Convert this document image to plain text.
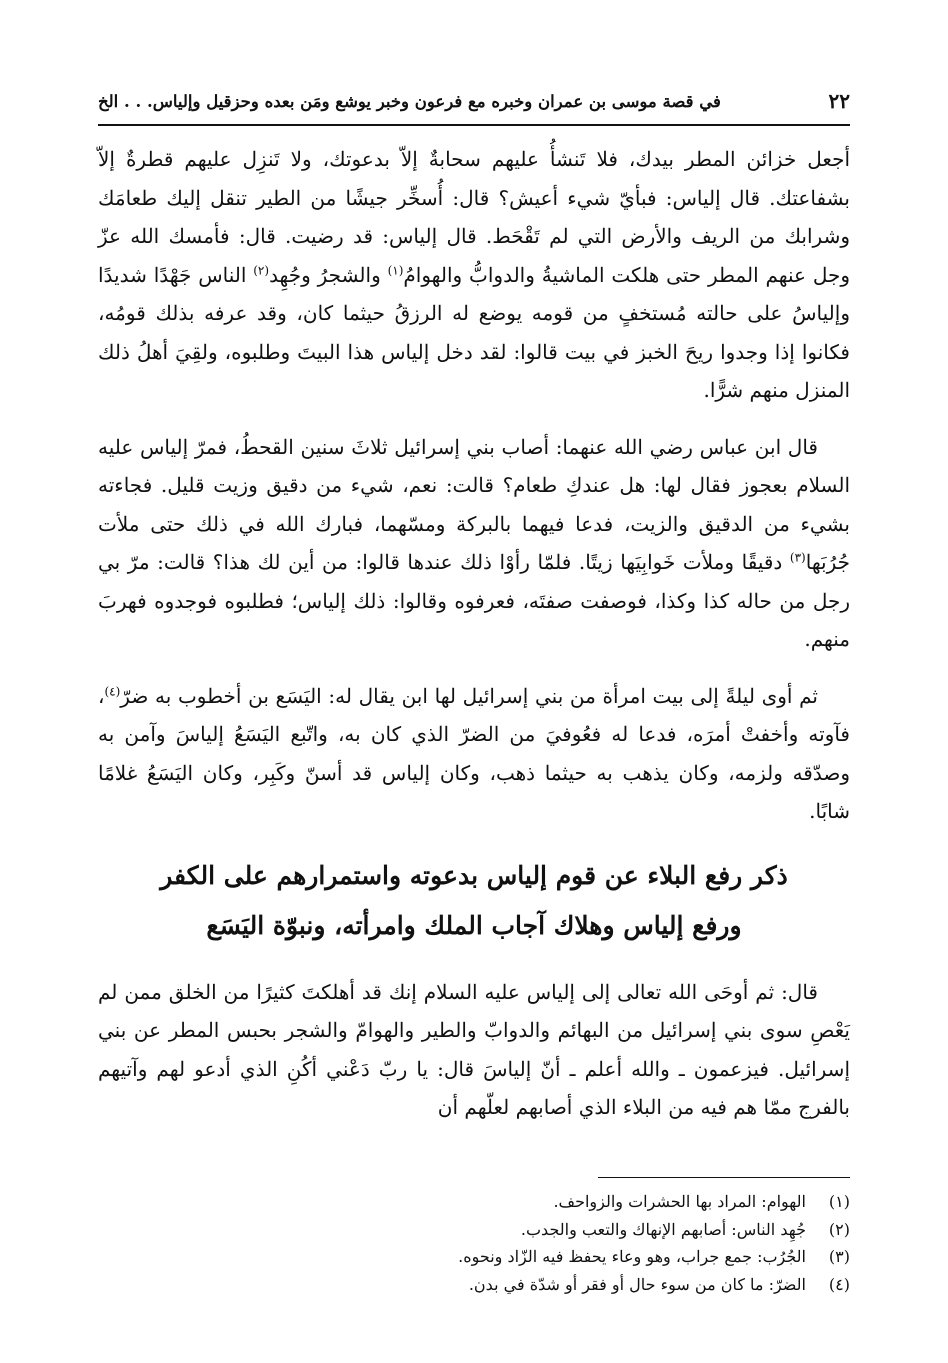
٢٢
في قصة موسى بن عمران وخبره مع فرعون وخبر يوشع ومَن بعده وحزقيل وإلياس. . . الخ

أجعل خزائن المطر بيدك، فلا تَنشأُ عليهم سحابةٌ إلاّ بدعوتك، ولا تَنزِل عليهم قطرةٌ إلاّ بشفاعتك. قال إلياس: فبأيّ شيء أعيش؟ قال: أُسخِّر جيشًا من الطير تنقل إليك طعامَك وشرابك من الريف والأرض التي لم تَقْحَط. قال إلياس: قد رضيت. قال: فأمسك الله عزّ وجل عنهم المطر حتى هلكت الماشيةُ والدوابُّ والهوامُ$^{(١)}$ والشجرُ وجُهِد$^{(٢)}$ الناس جَهْدًا شديدًا وإلياسُ على حالته مُستخفٍ من قومه يوضع له الرزقُ حيثما كان، وقد عرفه بذلك قومُه، فكانوا إذا وجدوا ريحَ الخبز في بيت قالوا: لقد دخل إلياس هذا البيتَ وطلبوه، ولقِيَ أهلُ ذلك المنزل منهم شرًّا.

قال ابن عباس رضي الله عنهما: أصاب بني إسرائيل ثلاثَ سنين القحطُ، فمرّ إلياس عليه السلام بعجوز فقال لها: هل عندكِ طعام؟ قالت: نعم، شيء من دقيق وزيت قليل. فجاءته بشيء من الدقيق والزيت، فدعا فيهما بالبركة ومسّهما، فبارك الله في ذلك حتى ملأت جُرُبَها$^{(٣)}$ دقيقًا وملأت خَوابِيَها زيتًا. فلمّا رأوْا ذلك عندها قالوا: من أين لك هذا؟ قالت: مرّ بي رجل من حاله كذا وكذا، فوصفت صفتَه، فعرفوه وقالوا: ذلك إلياس؛ فطلبوه فوجدوه فهربَ منهم.

ثم أوى ليلةً إلى بيت امرأة من بني إسرائيل لها ابن يقال له: اليَسَع بن أخطوب به ضرّ$^{(٤)}$، فآوته وأخفتْ أمرَه، فدعا له فعُوفيَ من الضرّ الذي كان به، واتّبع اليَسَعُ إلياسَ وآمن به وصدّقه ولزمه، وكان يذهب به حيثما ذهب، وكان إلياس قد أسنّ وكَبِر، وكان اليَسَعُ غلامًا شابًا.

ذكر رفع البلاء عن قوم إلياس بدعوته واستمرارهم على الكفر
ورفع إلياس وهلاك آجاب الملك وامرأته، ونبوّة اليَسَع

قال: ثم أوحَى الله تعالى إلى إلياس عليه السلام إنك قد أهلكتَ كثيرًا من الخلق ممن لم يَعْصِ سوى بني إسرائيل من البهائم والدوابّ والطير والهوامّ والشجر بحبس المطر عن بني إسرائيل. فيزعمون ـ والله أعلم ـ أنّ إلياسَ قال: يا ربّ دَعْني أكُنِ الذي أدعو لهم وآتيهم بالفرج ممّا هم فيه من البلاء الذي أصابهم لعلّهم أن

(١)
الهوام: المراد بها الحشرات والزواحف.
(٢)
جُهِد الناس: أصابهم الإنهاك والتعب والجدب.
(٣)
الجُرُب: جمع جراب، وهو وعاء يحفظ فيه الزّاد ونحوه.
(٤)
الضرّ: ما كان من سوء حال أو فقر أو شدّة في بدن.
